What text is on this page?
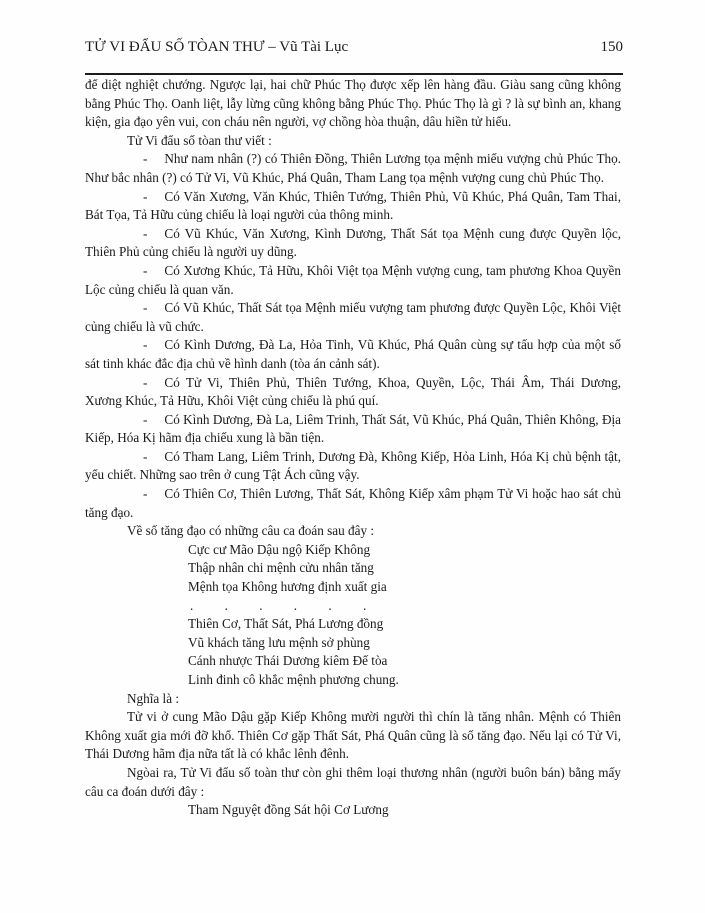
TỬ VI ĐẨU SỐ TÒAN THƯ – Vũ Tài Lục	150

để diệt nghiệt chướng. Ngược lại, hai chữ Phúc Thọ được xếp lên hàng đầu. Giàu sang cũng không bằng Phúc Thọ. Oanh liệt, lẫy lừng cũng không bằng Phúc Thọ. Phúc Thọ là gì ? là sự bình an, khang kiện, gia đạo yên vui, con cháu nên người, vợ chồng hòa thuận, dâu hiền tử hiếu.

Tử Vi đẩu số tòan thư viết :

- Như nam nhân (?) có Thiên Đồng, Thiên Lương tọa mệnh miếu vượng chủ Phúc Thọ. Như bắc nhân (?) có Tử Vi, Vũ Khúc, Phá Quân, Tham Lang tọa mệnh vượng cung chủ Phúc Thọ.

- Có Văn Xương, Văn Khúc, Thiên Tướng, Thiên Phủ, Vũ Khúc, Phá Quân, Tam Thai, Bát Tọa, Tả Hữu củng chiếu là loại người của thông minh.

- Có Vũ Khúc, Văn Xương, Kình Dương, Thất Sát tọa Mệnh cung được Quyền lộc, Thiên Phủ củng chiếu là người uy dũng.

- Có Xương Khúc, Tả Hữu, Khôi Việt tọa Mệnh vượng cung, tam phương Khoa Quyền Lộc củng chiếu là quan văn.

- Có Vũ Khúc, Thất Sát tọa Mệnh miếu vượng tam phương được Quyền Lộc, Khôi Việt củng chiếu là vũ chức.

- Có Kình Dương, Đà La, Hỏa Tinh, Vũ Khúc, Phá Quân cùng sự tấu hợp của một số sát tinh khác đắc địa chủ về hình danh (tòa án cảnh sát).

- Có Tử Vi, Thiên Phủ, Thiên Tướng, Khoa, Quyền, Lộc, Thái Âm, Thái Dương, Xương Khúc, Tả Hữu, Khôi Việt củng chiếu là phú quí.

- Có Kình Dương, Đà La, Liêm Trinh, Thất Sát, Vũ Khúc, Phá Quân, Thiên Không, Địa Kiếp, Hóa Kị hãm địa chiếu xung là bần tiện.

- Có Tham Lang, Liêm Trinh, Dương Đà, Không Kiếp, Hỏa Linh, Hóa Kị chủ bệnh tật, yểu chiết. Những sao trên ở cung Tật Ách cũng vậy.

- Có Thiên Cơ, Thiên Lương, Thất Sát, Không Kiếp xâm phạm Tử Vi hoặc hao sát chủ tăng đạo.

Về số tăng đạo có những câu ca đoán sau đây :

Cực cư Mão Dậu ngộ Kiếp Không
Thập nhân chi mệnh cửu nhân tăng
Mệnh tọa Không hương định xuất gia
. . . . . .
Thiên Cơ, Thất Sát, Phá Lương đồng
Vũ khách tăng lưu mệnh sở phùng
Cánh nhược Thái Dương kiêm Đế tòa
Linh đinh cô khắc mệnh phương chung.

Nghĩa là :

Tử vi ở cung Mão Dậu gặp Kiếp Không mười người thì chín là tăng nhân. Mệnh có Thiên Không xuất gia mới đỡ khổ. Thiên Cơ gặp Thất Sát, Phá Quân cũng là số tăng đạo. Nếu lại có Tử Vi, Thái Dương hãm địa nữa tất là có khắc lênh đênh.

Ngòai ra, Tử Vi đẩu số toàn thư còn ghi thêm loại thương nhân (người buôn bán) bằng mấy câu ca đoán dưới đây :

Tham Nguyệt đồng Sát hội Cơ Lương
